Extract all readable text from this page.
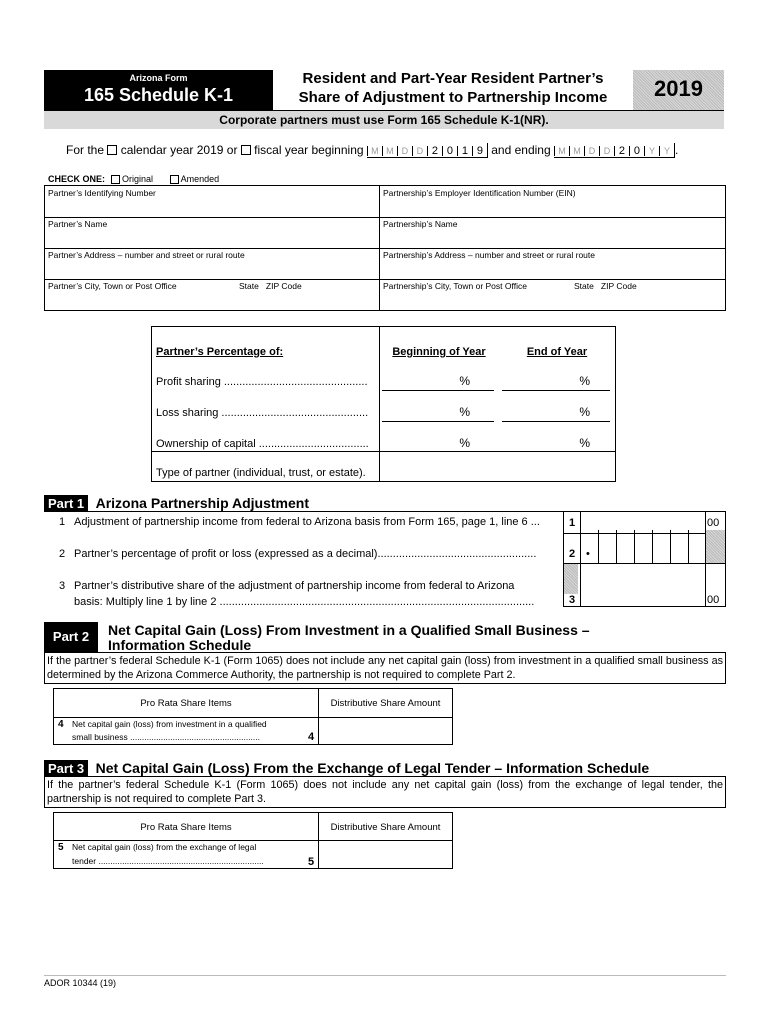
Arizona Form
165 Schedule K-1
Resident and Part-Year Resident Partner’s
Share of Adjustment to Partnership Income	2019
Corporate partners must use Form 165 Schedule K-1(NR).
For the calendar year 2019 or fiscal year beginning M M D D 2 0 1 9 and ending M M D D 2 0 Y Y .
CHECK ONE: Original	Amended
Partner’s Identifying Number	Partnership’s Employer Identification Number (EIN)
Partner’s Name	Partnership’s Name
Partner’s Address – number and street or rural route	Partnership’s Address – number and street or rural route
Partner’s City, Town or Post Office	State   ZIP Code	Partnership’s City, Town or Post Office	State   ZIP Code
Partner’s Percentage of:	Beginning of Year	End of Year
Profit sharing ...............................................	%	%
Loss sharing ................................................	%	%
Ownership of capital ....................................	%	%
Type of partner (individual, trust, or estate).
Part 1 Arizona Partnership Adjustment
1 Adjustment of partnership income from federal to Arizona basis from Form 165, page 1, line 6 ...	1	00
2 Partner’s percentage of profit or loss (expressed as a decimal)....................................................	2 •
3 Partner’s distributive share of the adjustment of partnership income from federal to Arizona
basis: Multiply line 1 by line 2 .......................................................................................................	3	00
Part 2	Net Capital Gain (Loss) From Investment in a Qualified Small Business –
Information Schedule
If the partner’s federal Schedule K-1 (Form 1065) does not include any net capital gain (loss) from investment in a qualified small business as determined by the Arizona Commerce Authority, the partnership is not required to complete Part 2.
Pro Rata Share Items	Distributive Share Amount
4 Net capital gain (loss) from investment in a qualified
small business .......................................................	4
Part 3 Net Capital Gain (Loss) From the Exchange of Legal Tender – Information Schedule
If the partner’s federal Schedule K-1 (Form 1065) does not include any net capital gain (loss) from the exchange of legal tender, the partnership is not required to complete Part 3.
Pro Rata Share Items	Distributive Share Amount
5 Net capital gain (loss) from the exchange of legal
tender ......................................................................	5
ADOR 10344 (19)
